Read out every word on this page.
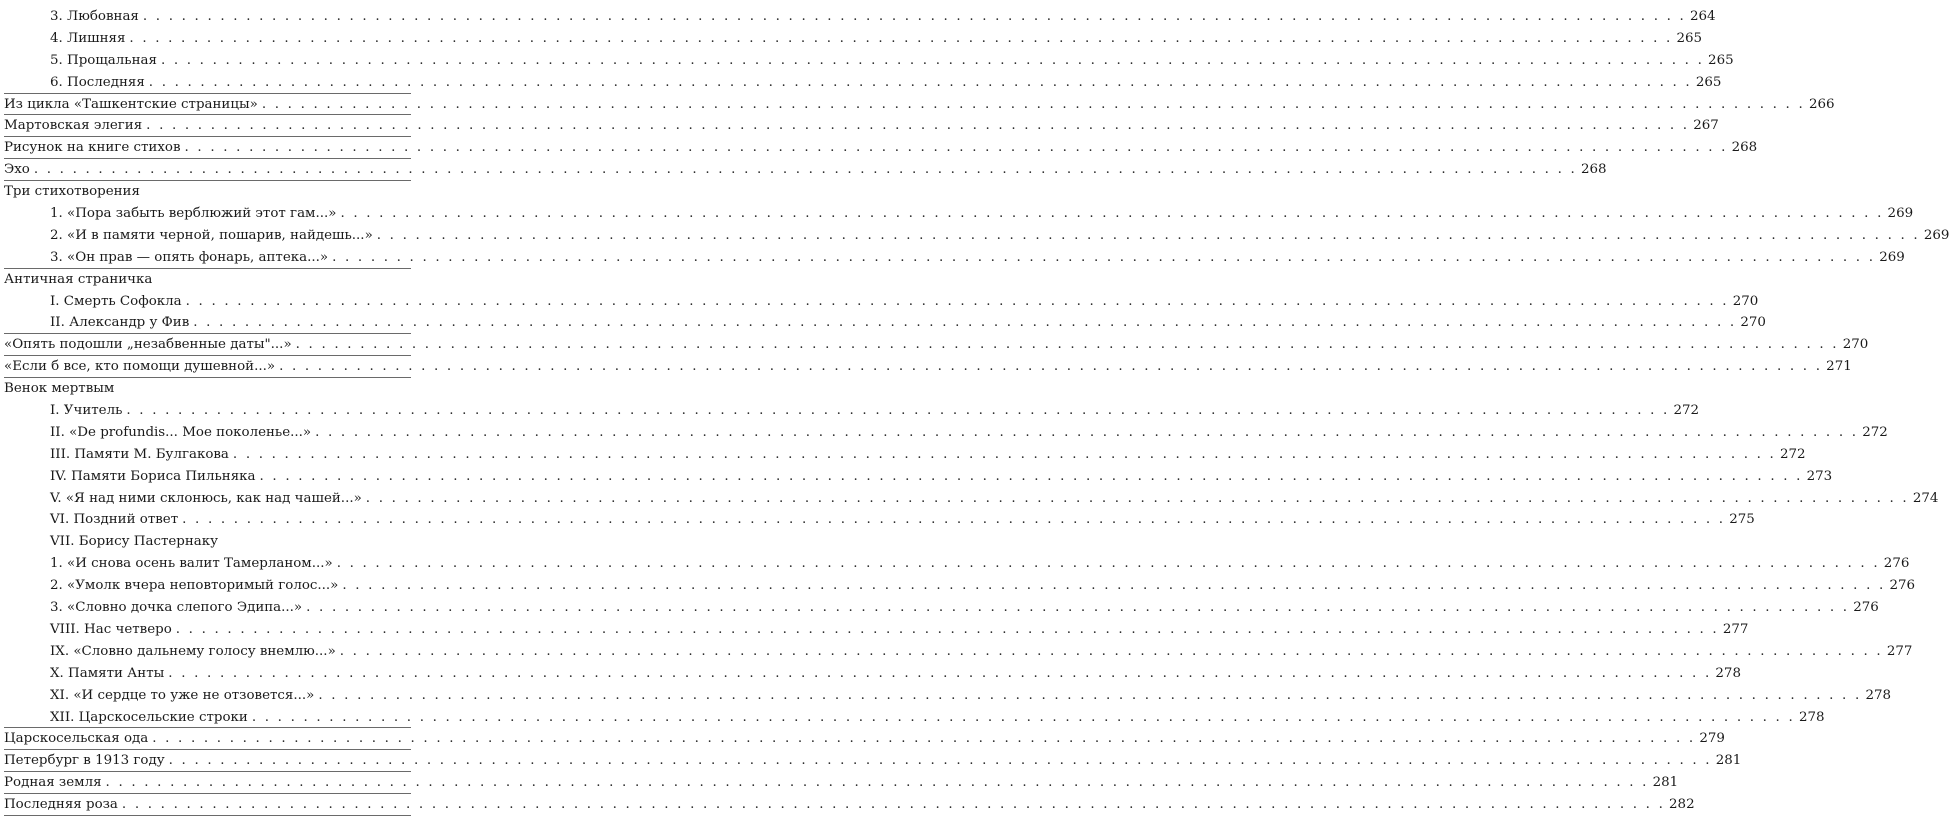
3. Любовная . . . . . . . . . . . . . . . . . . . . . . . . . . . . . . . . . . . . . . . . . . . . . . . . . . . . . . . . . . . . . . . . . . . . . . . . . . . . . . . . . . . . . . . . . . . . . . . . . . . . . . . . . . . . . . . . . . . . . . . . 264
4. Лишняя . . . . . . . . . . . . . . . . . . . . . . . . . . . . . . . . . . . . . . . . . . . . . . . . . . . . . . . . . . . . . . . . . . . . . . . . . . . . . . . . . . . . . . . . . . . . . . . . . . . . . . . . . . . . . . . . . . . . . . . . 265
5. Прощальная . . . . . . . . . . . . . . . . . . . . . . . . . . . . . . . . . . . . . . . . . . . . . . . . . . . . . . . . . . . . . . . . . . . . . . . . . . . . . . . . . . . . . . . . . . . . . . . . . . . . . . . . . . . . . . . . . . . . . . . . 265
6. Последняя . . . . . . . . . . . . . . . . . . . . . . . . . . . . . . . . . . . . . . . . . . . . . . . . . . . . . . . . . . . . . . . . . . . . . . . . . . . . . . . . . . . . . . . . . . . . . . . . . . . . . . . . . . . . . . . . . . . . . . . . 265
Из цикла «Ташкентские страницы» . . . . . . . . . . . . . . . . . . . . . . . . . . . . . . . . . . . . . . . . . . . . . . . . . . . . . . . . . . . . . . . . . . . . . . . . . . . . . . . . . . . . . . . . . . . . . . . . . . . . . . . . . . . . . . . . . . . . . . . . 266
Мартовская элегия . . . . . . . . . . . . . . . . . . . . . . . . . . . . . . . . . . . . . . . . . . . . . . . . . . . . . . . . . . . . . . . . . . . . . . . . . . . . . . . . . . . . . . . . . . . . . . . . . . . . . . . . . . . . . . . . . . . . . . . . 267
Рисунок на книге стихов . . . . . . . . . . . . . . . . . . . . . . . . . . . . . . . . . . . . . . . . . . . . . . . . . . . . . . . . . . . . . . . . . . . . . . . . . . . . . . . . . . . . . . . . . . . . . . . . . . . . . . . . . . . . . . . . . . . . . . . . 268
Эхо . . . . . . . . . . . . . . . . . . . . . . . . . . . . . . . . . . . . . . . . . . . . . . . . . . . . . . . . . . . . . . . . . . . . . . . . . . . . . . . . . . . . . . . . . . . . . . . . . . . . . . . . . . . . . . . . . . . . . . . . 268
Три стихотворения
1. «Пора забыть верблюжий этот гам...» . . . . . . . . . . . . . . . . . . . . . . . . . . . . . . . . . . . . . . . . . . . . . . . . . . . . . . . . . . . . . . . . . . . . . . . . . . . . . . . . . . . . . . . . . . . . . . . . . . . . . . . . . . . . . . . . . . . . . . . . 269
2. «И в памяти черной, пошарив, найдешь...» . . . . . . . . . . . . . . . . . . . . . . . . . . . . . . . . . . . . . . . . . . . . . . . . . . . . . . . . . . . . . . . . . . . . . . . . . . . . . . . . . . . . . . . . . . . . . . . . . . . . . . . . . . . . . . . . . . . . . . . . 269
3. «Он прав — опять фонарь, аптека...» . . . . . . . . . . . . . . . . . . . . . . . . . . . . . . . . . . . . . . . . . . . . . . . . . . . . . . . . . . . . . . . . . . . . . . . . . . . . . . . . . . . . . . . . . . . . . . . . . . . . . . . . . . . . . . . . . . . . . . . . 269
Античная страничка
I. Смерть Софокла . . . . . . . . . . . . . . . . . . . . . . . . . . . . . . . . . . . . . . . . . . . . . . . . . . . . . . . . . . . . . . . . . . . . . . . . . . . . . . . . . . . . . . . . . . . . . . . . . . . . . . . . . . . . . . . . . . . . . . . . 270
II. Александр у Фив . . . . . . . . . . . . . . . . . . . . . . . . . . . . . . . . . . . . . . . . . . . . . . . . . . . . . . . . . . . . . . . . . . . . . . . . . . . . . . . . . . . . . . . . . . . . . . . . . . . . . . . . . . . . . . . . . . . . . . . . 270
«Опять подошли „незабвенные даты"...» . . . . . . . . . . . . . . . . . . . . . . . . . . . . . . . . . . . . . . . . . . . . . . . . . . . . . . . . . . . . . . . . . . . . . . . . . . . . . . . . . . . . . . . . . . . . . . . . . . . . . . . . . . . . . . . . . . . . . . . . 270
«Если б все, кто помощи душевной...» . . . . . . . . . . . . . . . . . . . . . . . . . . . . . . . . . . . . . . . . . . . . . . . . . . . . . . . . . . . . . . . . . . . . . . . . . . . . . . . . . . . . . . . . . . . . . . . . . . . . . . . . . . . . . . . . . . . . . . . . 271
Венок мертвым
I. Учитель . . . . . . . . . . . . . . . . . . . . . . . . . . . . . . . . . . . . . . . . . . . . . . . . . . . . . . . . . . . . . . . . . . . . . . . . . . . . . . . . . . . . . . . . . . . . . . . . . . . . . . . . . . . . . . . . . . . . . . . . 272
II. «De profundis... Мое поколенье...» . . . . . . . . . . . . . . . . . . . . . . . . . . . . . . . . . . . . . . . . . . . . . . . . . . . . . . . . . . . . . . . . . . . . . . . . . . . . . . . . . . . . . . . . . . . . . . . . . . . . . . . . . . . . . . . . . . . . . . . . 272
III. Памяти М. Булгакова . . . . . . . . . . . . . . . . . . . . . . . . . . . . . . . . . . . . . . . . . . . . . . . . . . . . . . . . . . . . . . . . . . . . . . . . . . . . . . . . . . . . . . . . . . . . . . . . . . . . . . . . . . . . . . . . . . . . . . . . 272
IV. Памяти Бориса Пильняка . . . . . . . . . . . . . . . . . . . . . . . . . . . . . . . . . . . . . . . . . . . . . . . . . . . . . . . . . . . . . . . . . . . . . . . . . . . . . . . . . . . . . . . . . . . . . . . . . . . . . . . . . . . . . . . . . . . . . . . . 273
V. «Я над ними склонюсь, как над чашей...» . . . . . . . . . . . . . . . . . . . . . . . . . . . . . . . . . . . . . . . . . . . . . . . . . . . . . . . . . . . . . . . . . . . . . . . . . . . . . . . . . . . . . . . . . . . . . . . . . . . . . . . . . . . . . . . . . . . . . . . . 274
VI. Поздний ответ . . . . . . . . . . . . . . . . . . . . . . . . . . . . . . . . . . . . . . . . . . . . . . . . . . . . . . . . . . . . . . . . . . . . . . . . . . . . . . . . . . . . . . . . . . . . . . . . . . . . . . . . . . . . . . . . . . . . . . . . 275
VII. Борису Пастернаку
1. «И снова осень валит Тамерланом...» . . . . . . . . . . . . . . . . . . . . . . . . . . . . . . . . . . . . . . . . . . . . . . . . . . . . . . . . . . . . . . . . . . . . . . . . . . . . . . . . . . . . . . . . . . . . . . . . . . . . . . . . . . . . . . . . . . . . . . . . 276
2. «Умолк вчера неповторимый голос...» . . . . . . . . . . . . . . . . . . . . . . . . . . . . . . . . . . . . . . . . . . . . . . . . . . . . . . . . . . . . . . . . . . . . . . . . . . . . . . . . . . . . . . . . . . . . . . . . . . . . . . . . . . . . . . . . . . . . . . . . 276
3. «Словно дочка слепого Эдипа...» . . . . . . . . . . . . . . . . . . . . . . . . . . . . . . . . . . . . . . . . . . . . . . . . . . . . . . . . . . . . . . . . . . . . . . . . . . . . . . . . . . . . . . . . . . . . . . . . . . . . . . . . . . . . . . . . . . . . . . . . 276
VIII. Нас четверо . . . . . . . . . . . . . . . . . . . . . . . . . . . . . . . . . . . . . . . . . . . . . . . . . . . . . . . . . . . . . . . . . . . . . . . . . . . . . . . . . . . . . . . . . . . . . . . . . . . . . . . . . . . . . . . . . . . . . . . . 277
IX. «Словно дальнему голосу внемлю...» . . . . . . . . . . . . . . . . . . . . . . . . . . . . . . . . . . . . . . . . . . . . . . . . . . . . . . . . . . . . . . . . . . . . . . . . . . . . . . . . . . . . . . . . . . . . . . . . . . . . . . . . . . . . . . . . . . . . . . . . 277
X. Памяти Анты . . . . . . . . . . . . . . . . . . . . . . . . . . . . . . . . . . . . . . . . . . . . . . . . . . . . . . . . . . . . . . . . . . . . . . . . . . . . . . . . . . . . . . . . . . . . . . . . . . . . . . . . . . . . . . . . . . . . . . . . 278
XI. «И сердце то уже не отзовется...» . . . . . . . . . . . . . . . . . . . . . . . . . . . . . . . . . . . . . . . . . . . . . . . . . . . . . . . . . . . . . . . . . . . . . . . . . . . . . . . . . . . . . . . . . . . . . . . . . . . . . . . . . . . . . . . . . . . . . . . . 278
XII. Царскосельские строки . . . . . . . . . . . . . . . . . . . . . . . . . . . . . . . . . . . . . . . . . . . . . . . . . . . . . . . . . . . . . . . . . . . . . . . . . . . . . . . . . . . . . . . . . . . . . . . . . . . . . . . . . . . . . . . . . . . . . . . . 278
Царскосельская ода . . . . . . . . . . . . . . . . . . . . . . . . . . . . . . . . . . . . . . . . . . . . . . . . . . . . . . . . . . . . . . . . . . . . . . . . . . . . . . . . . . . . . . . . . . . . . . . . . . . . . . . . . . . . . . . . . . . . . . . . 279
Петербург в 1913 году . . . . . . . . . . . . . . . . . . . . . . . . . . . . . . . . . . . . . . . . . . . . . . . . . . . . . . . . . . . . . . . . . . . . . . . . . . . . . . . . . . . . . . . . . . . . . . . . . . . . . . . . . . . . . . . . . . . . . . . . 281
Родная земля . . . . . . . . . . . . . . . . . . . . . . . . . . . . . . . . . . . . . . . . . . . . . . . . . . . . . . . . . . . . . . . . . . . . . . . . . . . . . . . . . . . . . . . . . . . . . . . . . . . . . . . . . . . . . . . . . . . . . . . . 281
Последняя роза . . . . . . . . . . . . . . . . . . . . . . . . . . . . . . . . . . . . . . . . . . . . . . . . . . . . . . . . . . . . . . . . . . . . . . . . . . . . . . . . . . . . . . . . . . . . . . . . . . . . . . . . . . . . . . . . . . . . . . . . 282
